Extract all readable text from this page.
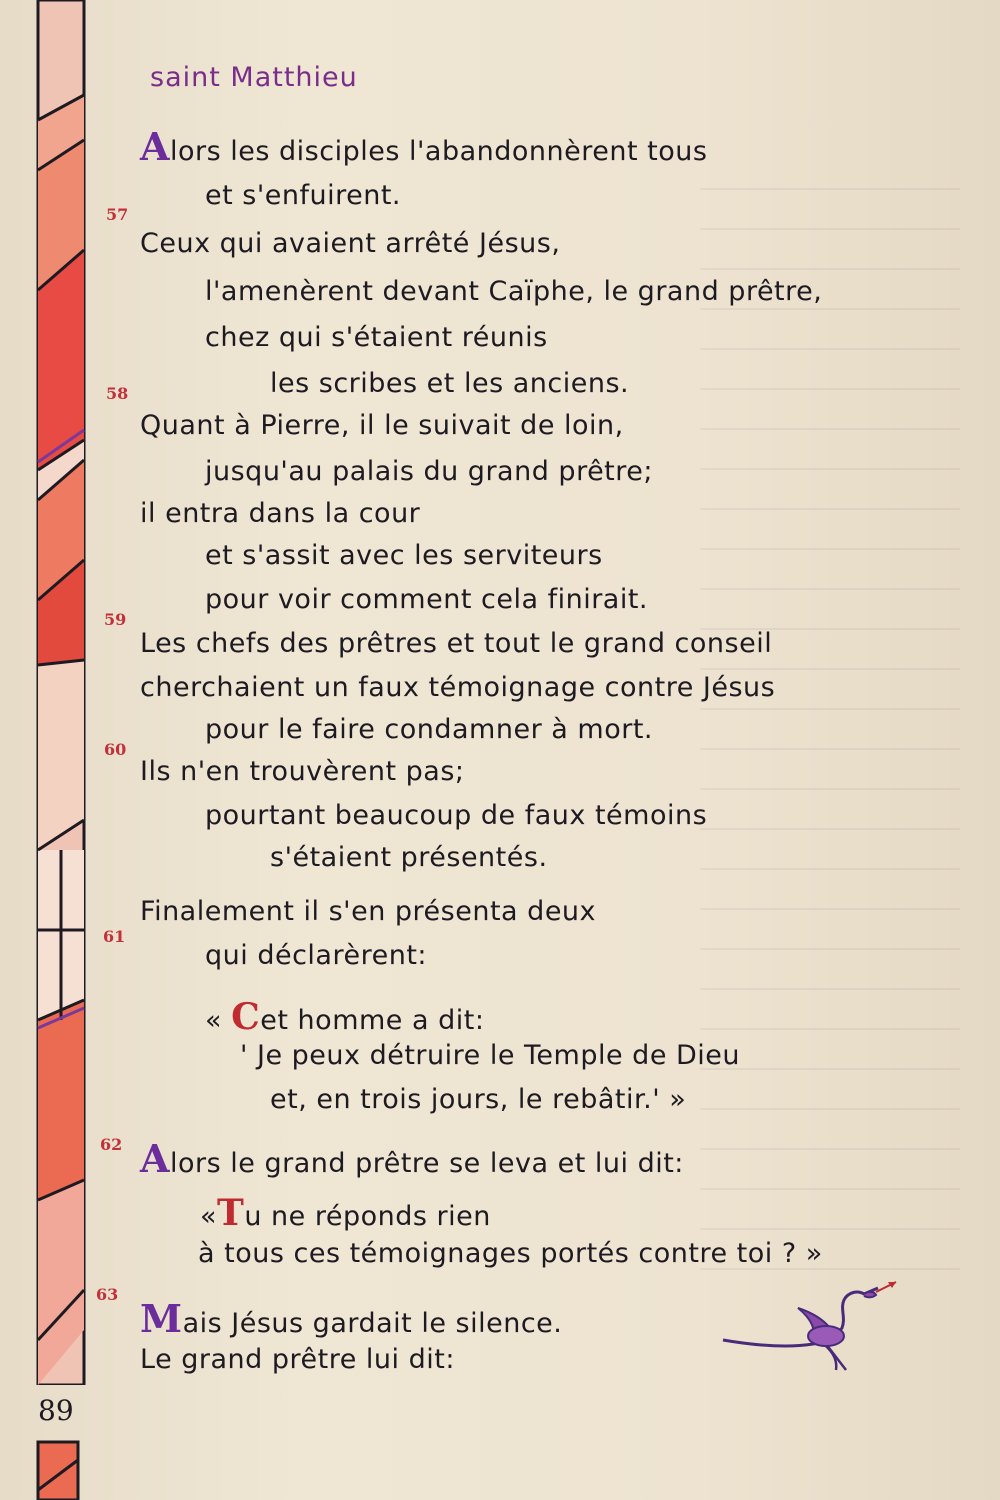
saint Matthieu
57
58
59
60
61
62
63
Alors les disciples l'abandonnèrent tous
et s'enfuirent.
Ceux qui avaient arrêté Jésus,
l'amenèrent devant Caïphe, le grand prêtre,
chez qui s'étaient réunis
les scribes et les anciens.
Quant à Pierre, il le suivait de loin,
jusqu'au palais du grand prêtre;
il entra dans la cour
et s'assit avec les serviteurs
pour voir comment cela finirait.
Les chefs des prêtres et tout le grand conseil
cherchaient un faux témoignage contre Jésus
pour le faire condamner à mort.
Ils n'en trouvèrent pas;
pourtant beaucoup de faux témoins
s'étaient présentés.
Finalement il s'en présenta deux
qui déclarèrent:
« Cet homme a dit:
' Je peux détruire le Temple de Dieu
et, en trois jours, le rebâtir.' »
Alors le grand prêtre se leva et lui dit:
«Tu ne réponds rien
à tous ces témoignages portés contre toi ? »
Mais Jésus gardait le silence.
Le grand prêtre lui dit:
89
